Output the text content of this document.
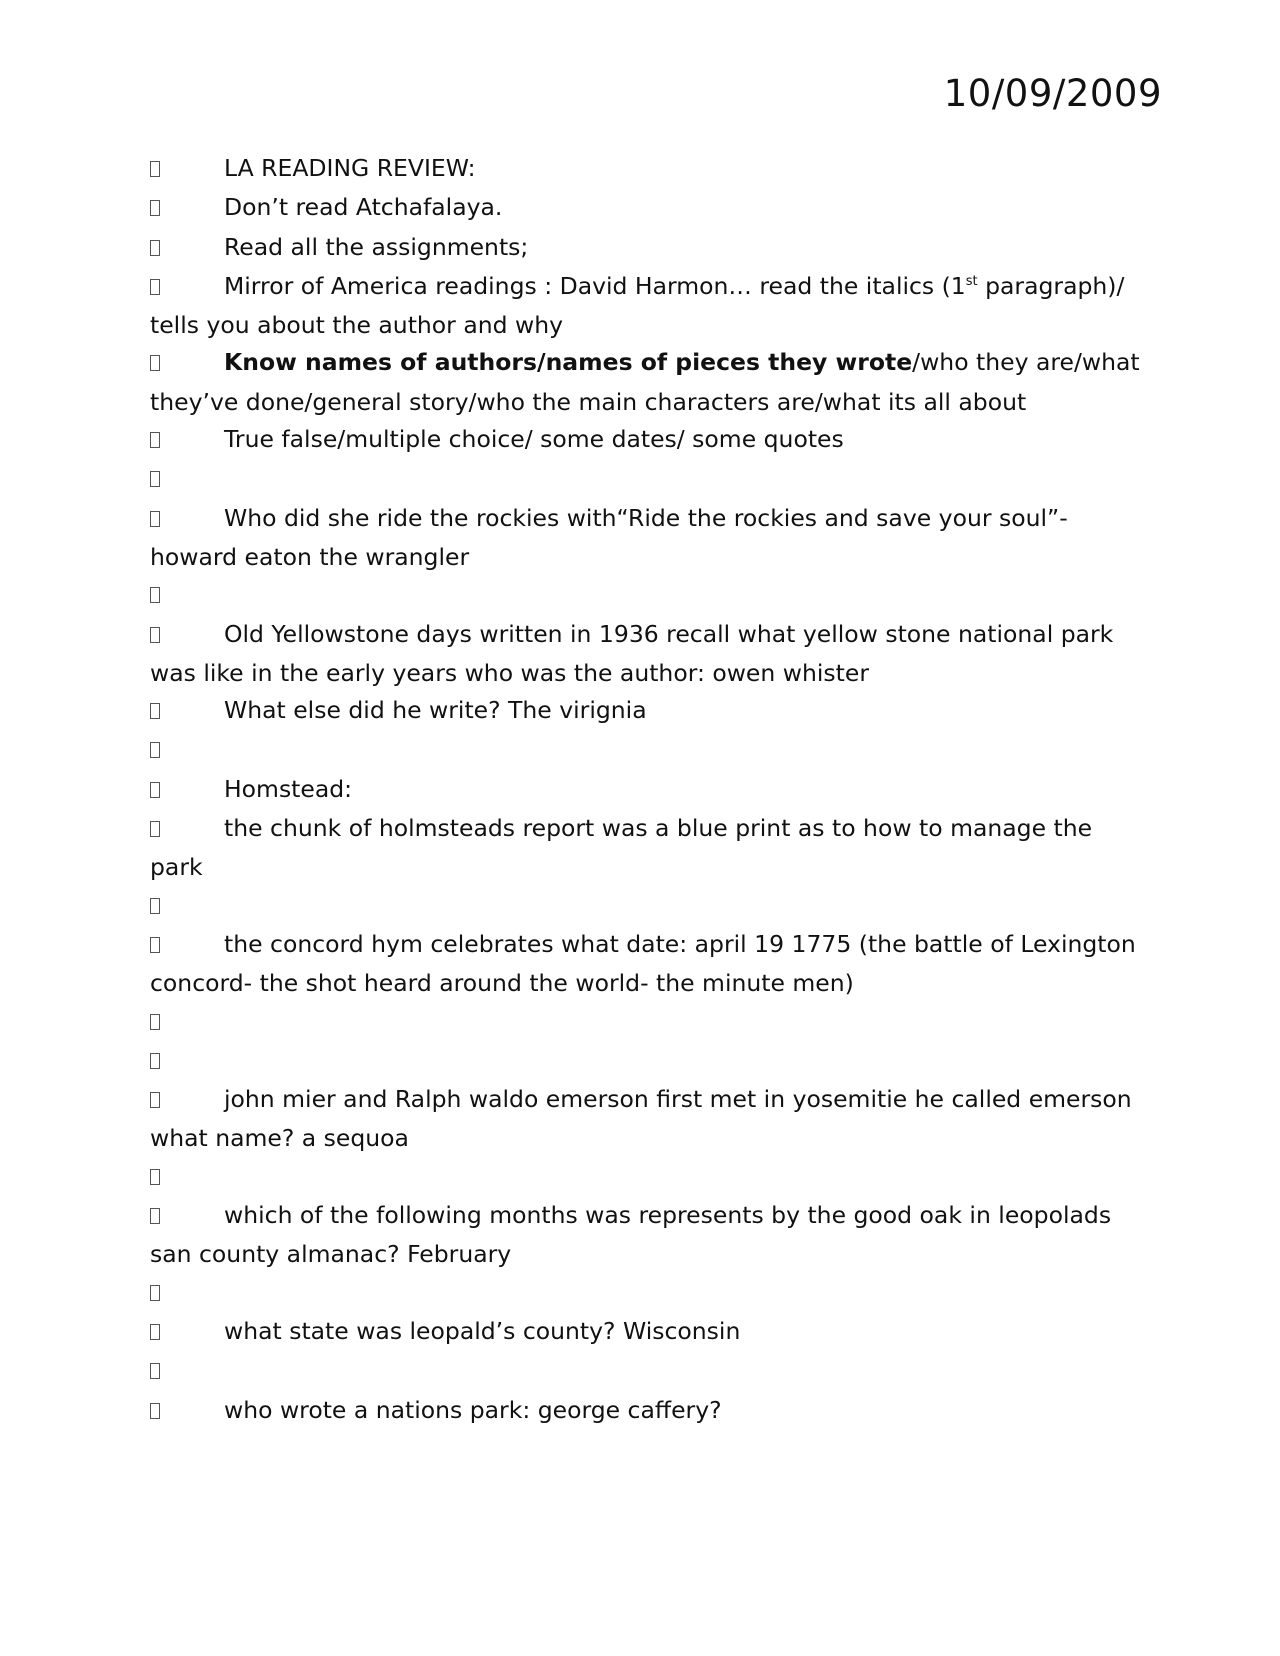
10/09/2009
LA READING REVIEW:
Don’t read Atchafalaya.
Read all the assignments;
Mirror of America readings : David Harmon… read the italics (1st paragraph)/ tells you about the author and why
Know names of authors/names of pieces they wrote/who they are/what they’ve done/general story/who the main characters are/what its all about
True false/multiple choice/ some dates/ some quotes
Who did she ride the rockies with“Ride the rockies and save your soul”- howard eaton the wrangler
Old Yellowstone days written in 1936 recall what yellow stone national park was like in the early years who was the author: owen whister
What else did he write? The virignia
Homstead:
the chunk of holmsteads report was a blue print as to how to manage the park
the concord hym celebrates what date: april 19 1775 (the battle of Lexington concord- the shot heard around the world- the minute men)
john mier and Ralph waldo emerson first met in yosemitie he called emerson what name? a sequoa
which of the following months was represents by the good oak in leopolads san county almanac? February
what state was leopald’s county? Wisconsin
who wrote a nations park: george caffery?
